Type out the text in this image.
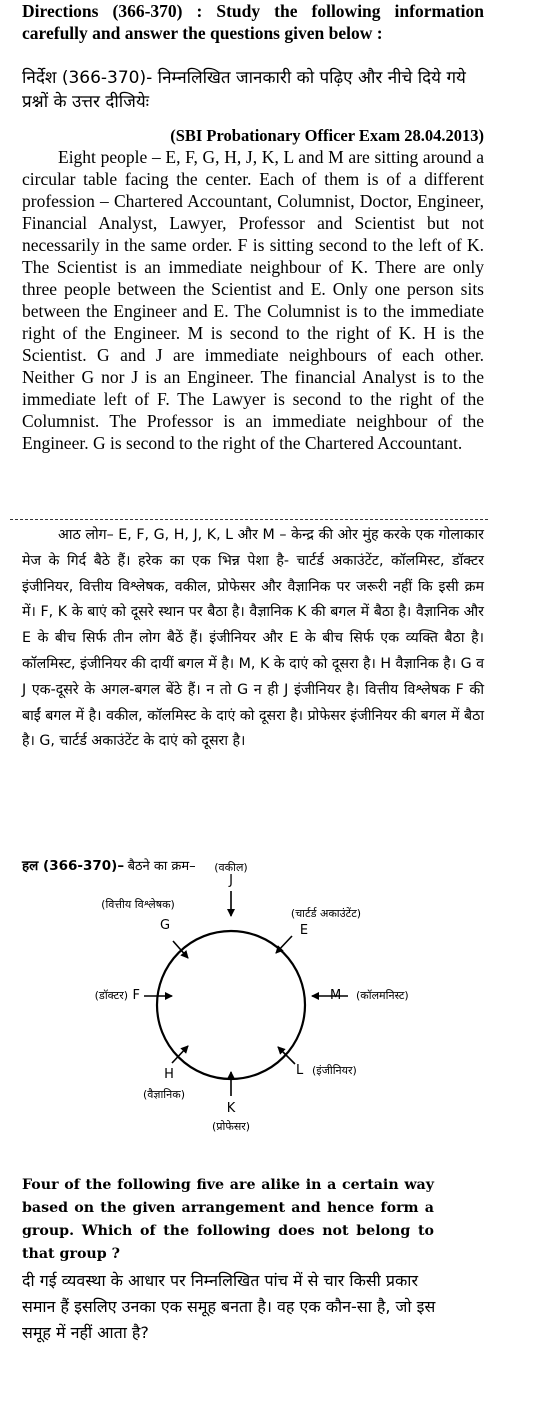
Directions (366-370) : Study the following information carefully and answer the questions given below :
निर्देश (366-370)- निम्नलिखित जानकारी को पढ़िए और नीचे दिये गये प्रश्नों के उत्तर दीजियेः
(SBI Probationary Officer Exam 28.04.2013)

Eight people – E, F, G, H, J, K, L and M are sitting around a circular table facing the center. Each of them is of a different profession – Chartered Accountant, Columnist, Doctor, Engineer, Financial Analyst, Lawyer, Professor and Scientist but not necessarily in the same order. F is sitting second to the left of K. The Scientist is an immediate neighbour of K. There are only three people between the Scientist and E. Only one person sits between the Engineer and E. The Columnist is to the immediate right of the Engineer. M is second to the right of K. H is the Scientist. G and J are immediate neighbours of each other. Neither G nor J is an Engineer. The financial Analyst is to the immediate left of F. The Lawyer is second to the right of the Columnist. The Professor is an immediate neighbour of the Engineer. G is second to the right of the Chartered Accountant.

आठ लोग– E, F, G, H, J, K, L और M – केन्द्र की ओर मुंह करके एक गोलाकार मेज के गिर्द बैठे हैं। हरेक का एक भिन्न पेशा है- चार्टर्ड अकाउंटेंट, कॉलमिस्ट, डॉक्टर इंजीनियर, वित्तीय विश्लेषक, वकील, प्रोफेसर और वैज्ञानिक पर जरूरी नहीं कि इसी क्रम में। F, K के बाएं को दूसरे स्थान पर बैठा है। वैज्ञानिक K की बगल में बैठा है। वैज्ञानिक और E के बीच सिर्फ तीन लोग बैठें हैं। इंजीनियर और E के बीच सिर्फ एक व्यक्ति बैठा है। कॉलमिस्ट, इंजीनियर की दायीं बगल में है। M, K के दाएं को दूसरा है। H वैज्ञानिक है। G व J एक-दूसरे के अगल-बगल बेंठे हैं। न तो G न ही J इंजीनियर है। वित्तीय विश्लेषक F की बाईं बगल में है। वकील, कॉलमिस्ट के दाएं को दूसरा है। प्रोफेसर इंजीनियर की बगल में बैठा है। G, चार्टर्ड अकाउंटेंट के दाएं को दूसरा है।

हल (366-370)– बैठने का क्रम–
J
(वकील)
E
(चार्टर्ड अकाउंटेंट)
M (कॉलमनिस्ट)
L (इंजीनियर)
K
(प्रोफेसर)
H
(वैज्ञानिक)
F
(डॉक्टर)
G
(वित्तीय विश्लेषक)
Four of the following five are alike in a certain way based on the given arrangement and hence form a group. Which of the following does not belong to that group ?
दी गई व्यवस्था के आधार पर निम्नलिखित पांच में से चार किसी प्रकार समान हैं इसलिए उनका एक समूह बनता है। वह एक कौन-सा है, जो इस समूह में नहीं आता है?
